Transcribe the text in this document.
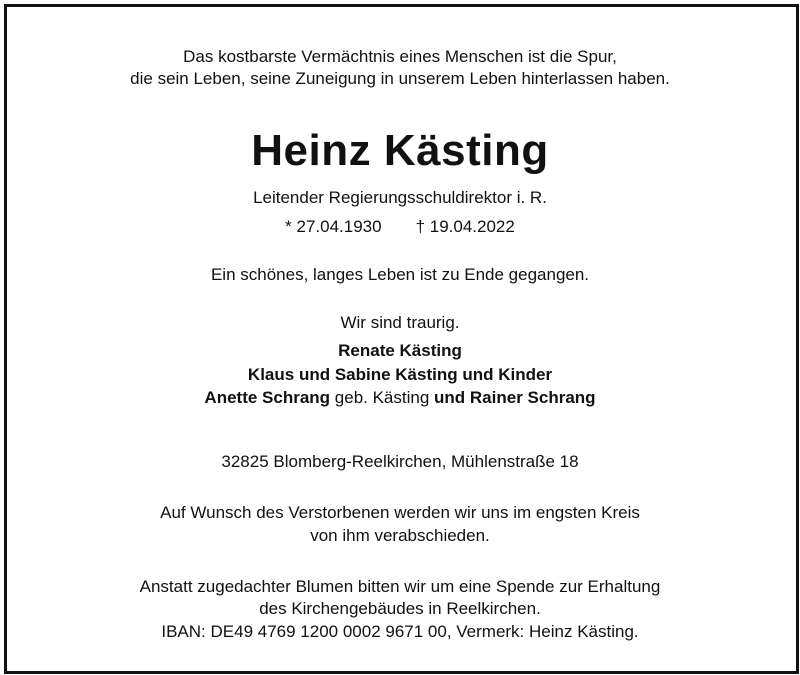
Das kostbarste Vermächtnis eines Menschen ist die Spur,
die sein Leben, seine Zuneigung in unserem Leben hinterlassen haben.
Heinz Kästing
Leitender Regierungsschuldirektor i. R.
* 27.04.1930 † 19.04.2022
Ein schönes, langes Leben ist zu Ende gegangen.
Wir sind traurig.
Renate Kästing
Klaus und Sabine Kästing und Kinder
Anette Schrang geb. Kästing und Rainer Schrang
32825 Blomberg-Reelkirchen, Mühlenstraße 18
Auf Wunsch des Verstorbenen werden wir uns im engsten Kreis
von ihm verabschieden.
Anstatt zugedachter Blumen bitten wir um eine Spende zur Erhaltung
des Kirchengebäudes in Reelkirchen.
IBAN: DE49 4769 1200 0002 9671 00, Vermerk: Heinz Kästing.
